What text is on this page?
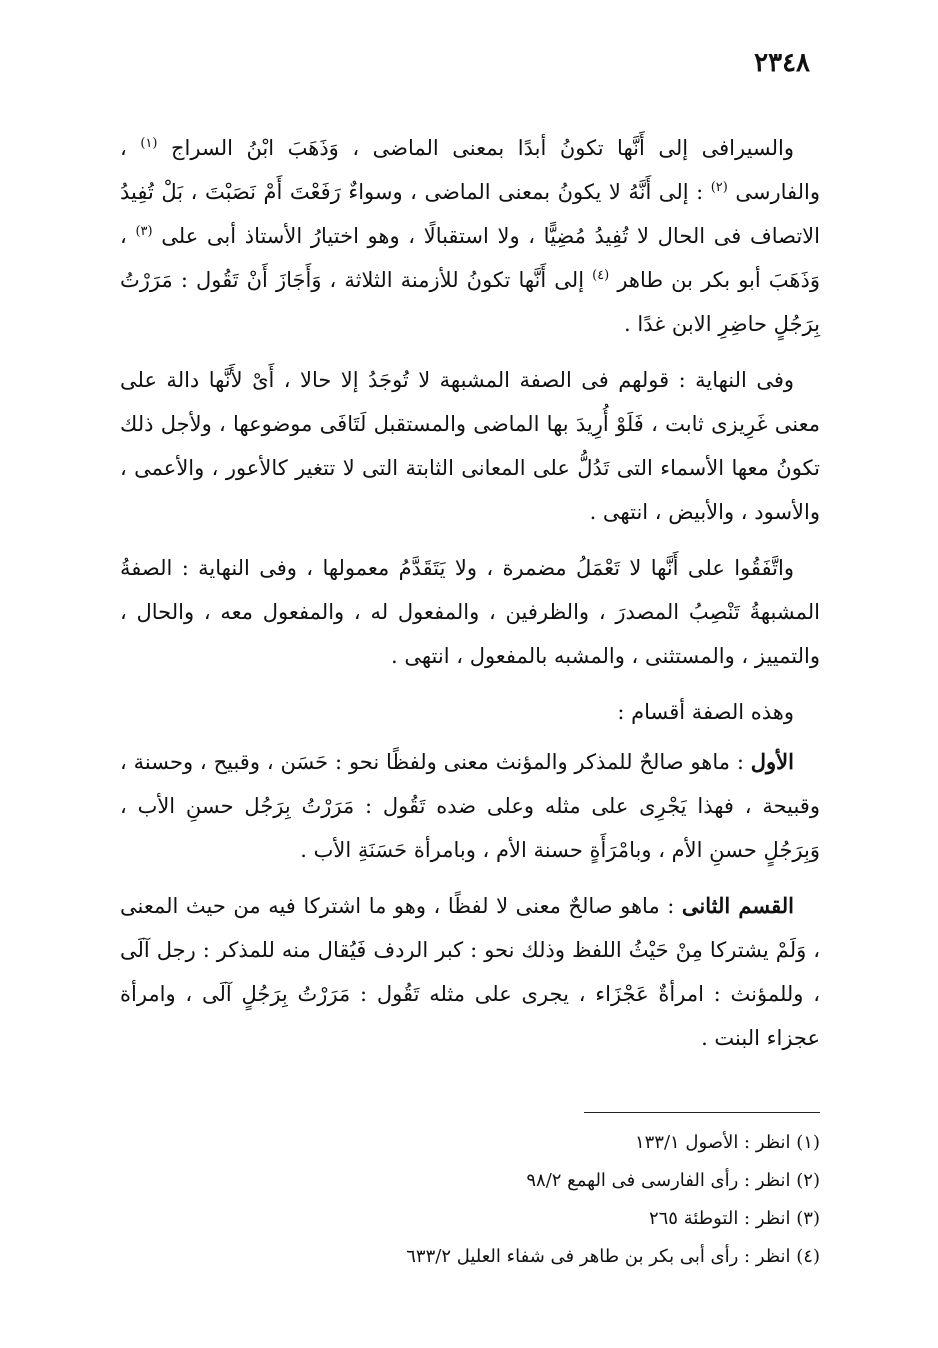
٢٣٤٨

والسيرافى إلى أَنَّها تكونُ أبدًا بمعنى الماضى ، وَذَهَبَ ابْنُ السراج $^{(١)}$ ، والفارسى $^{(٢)}$ : إلى أَنَّهُ لا يكونُ بمعنى الماضى ، وسواءٌ رَفَعْتَ أَمْ نَصَبْتَ ، بَلْ تُفِيدُ الاتصاف فى الحال لا تُفِيدُ مُضِيًّا ، ولا استقبالًا ، وهو اختيارُ الأستاذ أبى على $^{(٣)}$ ، وَذَهَبَ أبو بكر بن طاهر $^{(٤)}$ إلى أَنَّها تكونُ للأزمنة الثلاثة ، وَأَجَازَ أَنْ تَقُول : مَرَرْتُ بِرَجُلٍ حاضِرِ الابن غدًا .

وفى النهاية : قولهم فى الصفة المشبهة لا تُوجَدُ إلا حالا ، أَىْ لأَنَّها دالة على معنى غَرِيزى ثابت ، فَلَوْ أُرِيدَ بها الماضى والمستقبل لَتَافَى موضوعها ، ولأجل ذلك تكونُ معها الأسماء التى تَدُلُّ على المعانى الثابتة التى لا تتغير كالأعور ، والأعمى ، والأسود ، والأبيض ، انتهى .

واتَّفَقُوا على أَنَّها لا تَعْمَلُ مضمرة ، ولا يَتَقَدَّمُ معمولها ، وفى النهاية : الصفةُ المشبهةُ تَنْصِبُ المصدرَ ، والظرفين ، والمفعول له ، والمفعول معه ، والحال ، والتمييز ، والمستثنى ، والمشبه بالمفعول ، انتهى .

وهذه الصفة أقسام :

الأول : ماهو صالحٌ للمذكر والمؤنث معنى ولفظًا نحو : حَسَن ، وقبيح ، وحسنة ، وقبيحة ، فهذا يَجْرِى على مثله وعلى ضده تَقُول : مَرَرْتُ بِرَجُل حسنِ الأب ، وَبِرَجُلٍ حسنِ الأم ، وبامْرَأَةٍ حسنة الأم ، وبامرأة حَسَنَةِ الأب .

القسم الثانى : ماهو صالحٌ معنى لا لفظًا ، وهو ما اشتركا فيه من حيث المعنى ، وَلَمْ يشتركا مِنْ حَيْثُ اللفظ وذلك نحو : كبر الردف فَيُقال منه للمذكر : رجل آلَى ، وللمؤنث : امرأةٌ عَجْزَاء ، يجرى على مثله تَقُول : مَرَرْتُ بِرَجُلٍ آلَى ، وامرأة عجزاء البنت .

(١) انظر : الأصول ١٣٣/١

(٢) انظر : رأى الفارسى فى الهمع ٩٨/٢

(٣) انظر : التوطئة ٢٦٥

(٤) انظر : رأى أبى بكر بن طاهر فى شفاء العليل ٦٣٣/٢
